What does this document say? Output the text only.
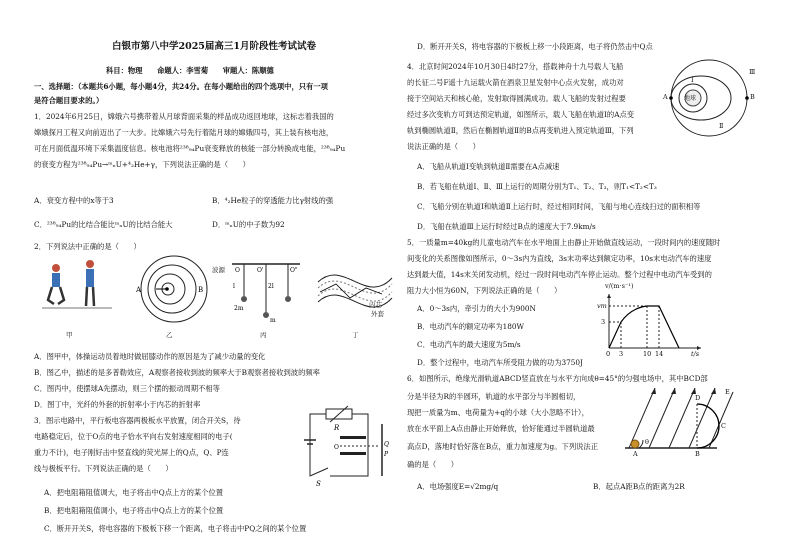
白银市第八中学2025届高三1月阶段性考试试卷
科目：物理　　命题人：李雪菊　　审题人：陈顺德
一、选择题：（本题共6小题，每小题4分，共24分。在每小题给出的四个选项中，只有一项
是符合题目要求的。）
1．2024年6月25日，嫦娥六号携带着从月球背面采集的样品成功返回地球，这标志着我国的
嫦娥探月工程又向前迈出了一大步。比嫦娥六号先行着陆月球的嫦娥四号，其上装有核电池，
可在月面低温环境下采集温度信息。核电池将²³⁸₉₄Pu衰变释放的核能一部分转换成电能，²³⁸₉₄Pu
的衰变方程为²³⁸₉₄Pu→ᵐₙU+⁴₂He+γ，下列说法正确的是（　　）
A．衰变方程中的x等于3	B．⁴₂He粒子的穿透能力比γ射线的强
C．²³⁸₉₄Pu的比结合能比ᵐₙU的比结合能大	D．ᵐₙU的中子数为92
2．下列说法中正确的是（　　）
甲
A	B
波源
乙
O	O'	O"
l	2l
2m
m
丙
内芯
外套
丁
A．图甲中，体操运动员着地时做屈膝动作的原因是为了减少动量的变化
B．图乙中，描述的是多普勒效应，A观察者接收到波的频率大于B观察者接收到波的频率
C．图丙中，使摆球A先摆动，则三个摆的振动周期不相等
D．图丁中，光纤的外套的折射率小于内芯的折射率
3．图示电路中，平行板电容器两极板水平放置，闭合开关S，待
电路稳定后，位于O点的电子恰水平向右发射速度相同的电子(
重力不计)，电子刚好击中竖直线的荧光屏上的Q点，Q、P连
线与极板平行。下列说法正确的是（　　）
R
O	Q
P
S
A．把电阻箱阻值调大，电子将击中Q点上方的某个位置
B．把电阻箱阻值调小，电子将击中Q点上方的某个位置
C．断开开关S，将电容器的下极板下移一个距离，电子将击中PQ之间的某个位置
D．断开开关S，将电容器的下极板上移一小段距离，电子将仍然击中Q点
4．北京时间2024年10月30日4时27分，搭载神舟十九号载人飞船
的长征二号F遥十九运载火箭在酒泉卫星发射中心点火发射，成功对
接于空间站天和核心舱，发射取得圆满成功。载人飞船的发射过程要
经过多次变轨方可到达预定轨道，如图所示，载人飞船在轨道Ⅰ的A点变
轨到椭圆轨道Ⅱ，然后在椭圆轨道Ⅱ的B点再变轨进入预定轨道Ⅲ，下列
说法正确的是（　　）
地球
A	B
Ⅰ
Ⅱ
Ⅲ
A．飞船从轨道Ⅰ变轨到轨道Ⅱ需要在A点减速
B．若飞船在轨道Ⅰ、Ⅱ、Ⅲ上运行的周期分别为T₁、T₂、T₃，则T₁<T₂<T₃
C．飞船分别在轨道Ⅰ和轨道Ⅱ上运行时，经过相同时间，飞船与地心连线扫过的面积相等
D．飞船在轨道Ⅲ上运行时经过B点的速度大于7.9km/s
5．一质量m=40kg的儿童电动汽车在水平地面上由静止开始做直线运动，一段时间内的速度随时
间变化的关系图像如图所示，0～3s内为直线，3s末功率达到额定功率，10s末电动汽车的速度
达到最大值，14s末关闭发动机，经过一段时间电动汽车停止运动。整个过程中电动汽车受到的
阻力大小恒为60N，下列说法正确的是（　　）
A．0～3s内，牵引力的大小为900N
B．电动汽车的额定功率为180W
C．电动汽车的最大速度为5m/s
D．整个过程中，电动汽车所受阻力做的功为3750J
v/(m·s⁻¹)
vm
3
t/s
0 3	10 14
6．如图所示，绝缘光滑轨道ABCD竖直放在与水平方向成θ=45°的匀强电场中，其中BCD部
分是半径为R的半圆环，轨道的水平部分与半圆相切，
现把一质量为m、电荷量为+q的小球（大小忽略不计），
放在水平面上A点由静止开始释放，恰好能通过半圆轨道最
高点D，落地时恰好落在B点，重力加速度为g。下列说法正
确的是（　　）
A	B
C
D
E
θ
A．电场强度E=√2mg/q	B．起点A距B点的距离为2R
